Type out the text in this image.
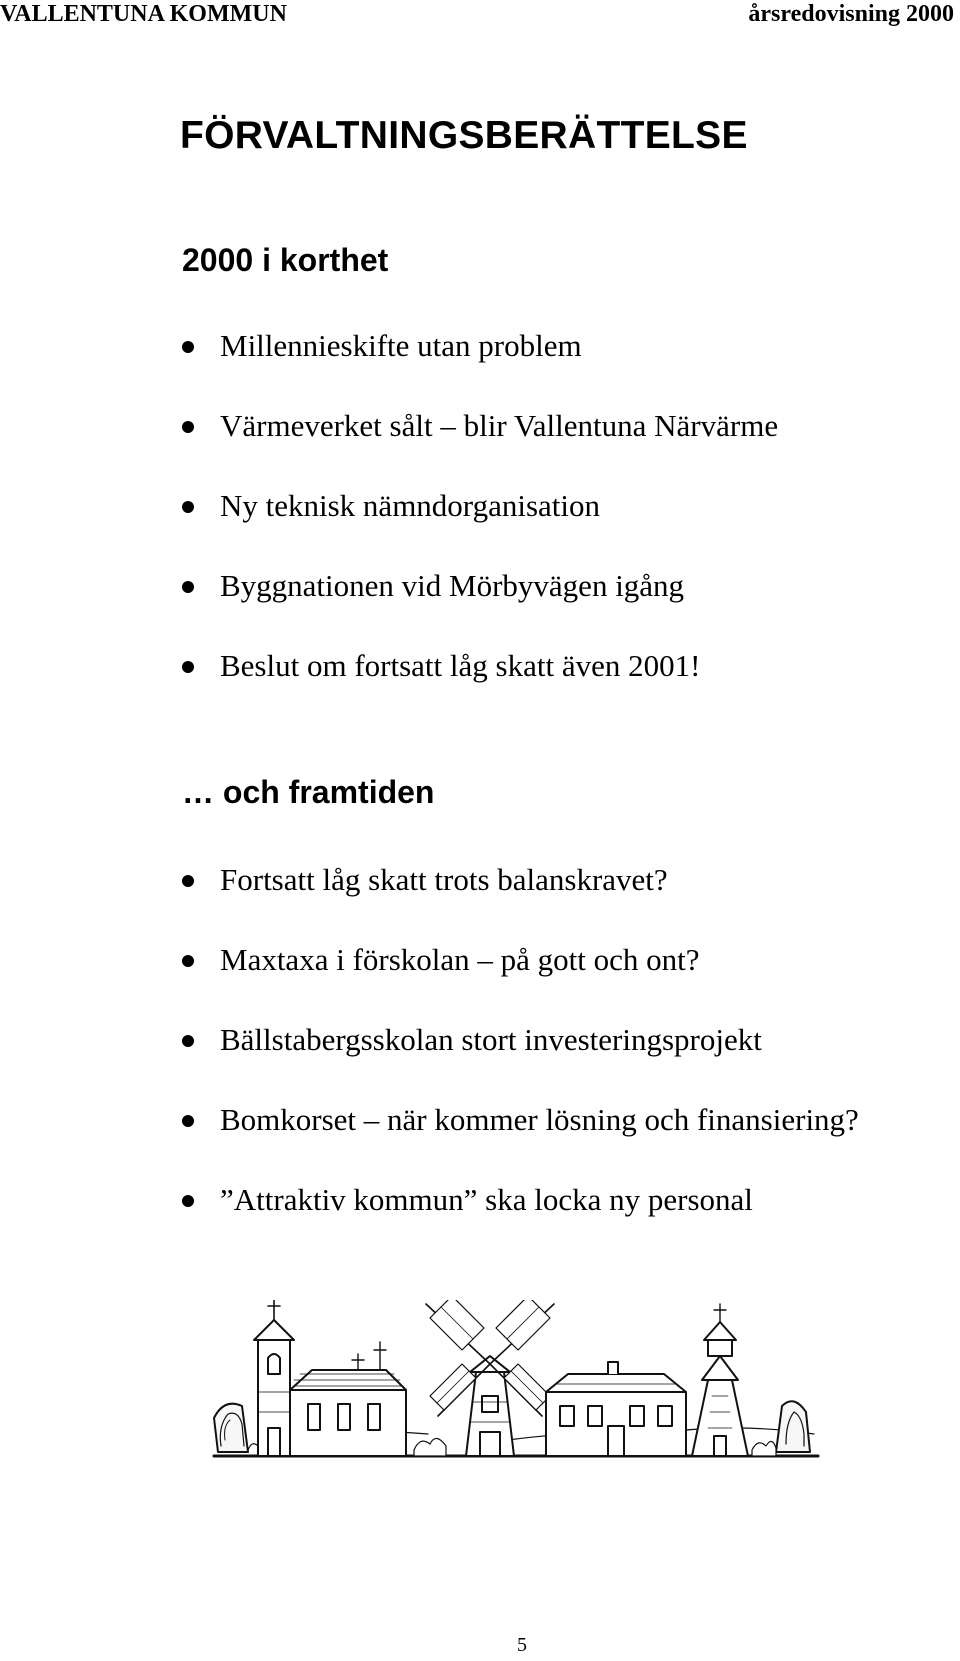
VALLENTUNA KOMMUN	årsredovisning 2000
FÖRVALTNINGSBERÄTTELSE
2000 i korthet
Millennieskifte utan problem
Värmeverket sålt – blir Vallentuna Närvärme
Ny teknisk nämndorganisation
Byggnationen vid Mörbyvägen igång
Beslut om fortsatt låg skatt även 2001!
… och framtiden
Fortsatt låg skatt trots balanskravet?
Maxtaxa i förskolan – på gott och ont?
Bällstabergsskolan stort investeringsprojekt
Bomkorset – när kommer lösning och finansiering?
”Attraktiv kommun” ska locka ny personal
5
